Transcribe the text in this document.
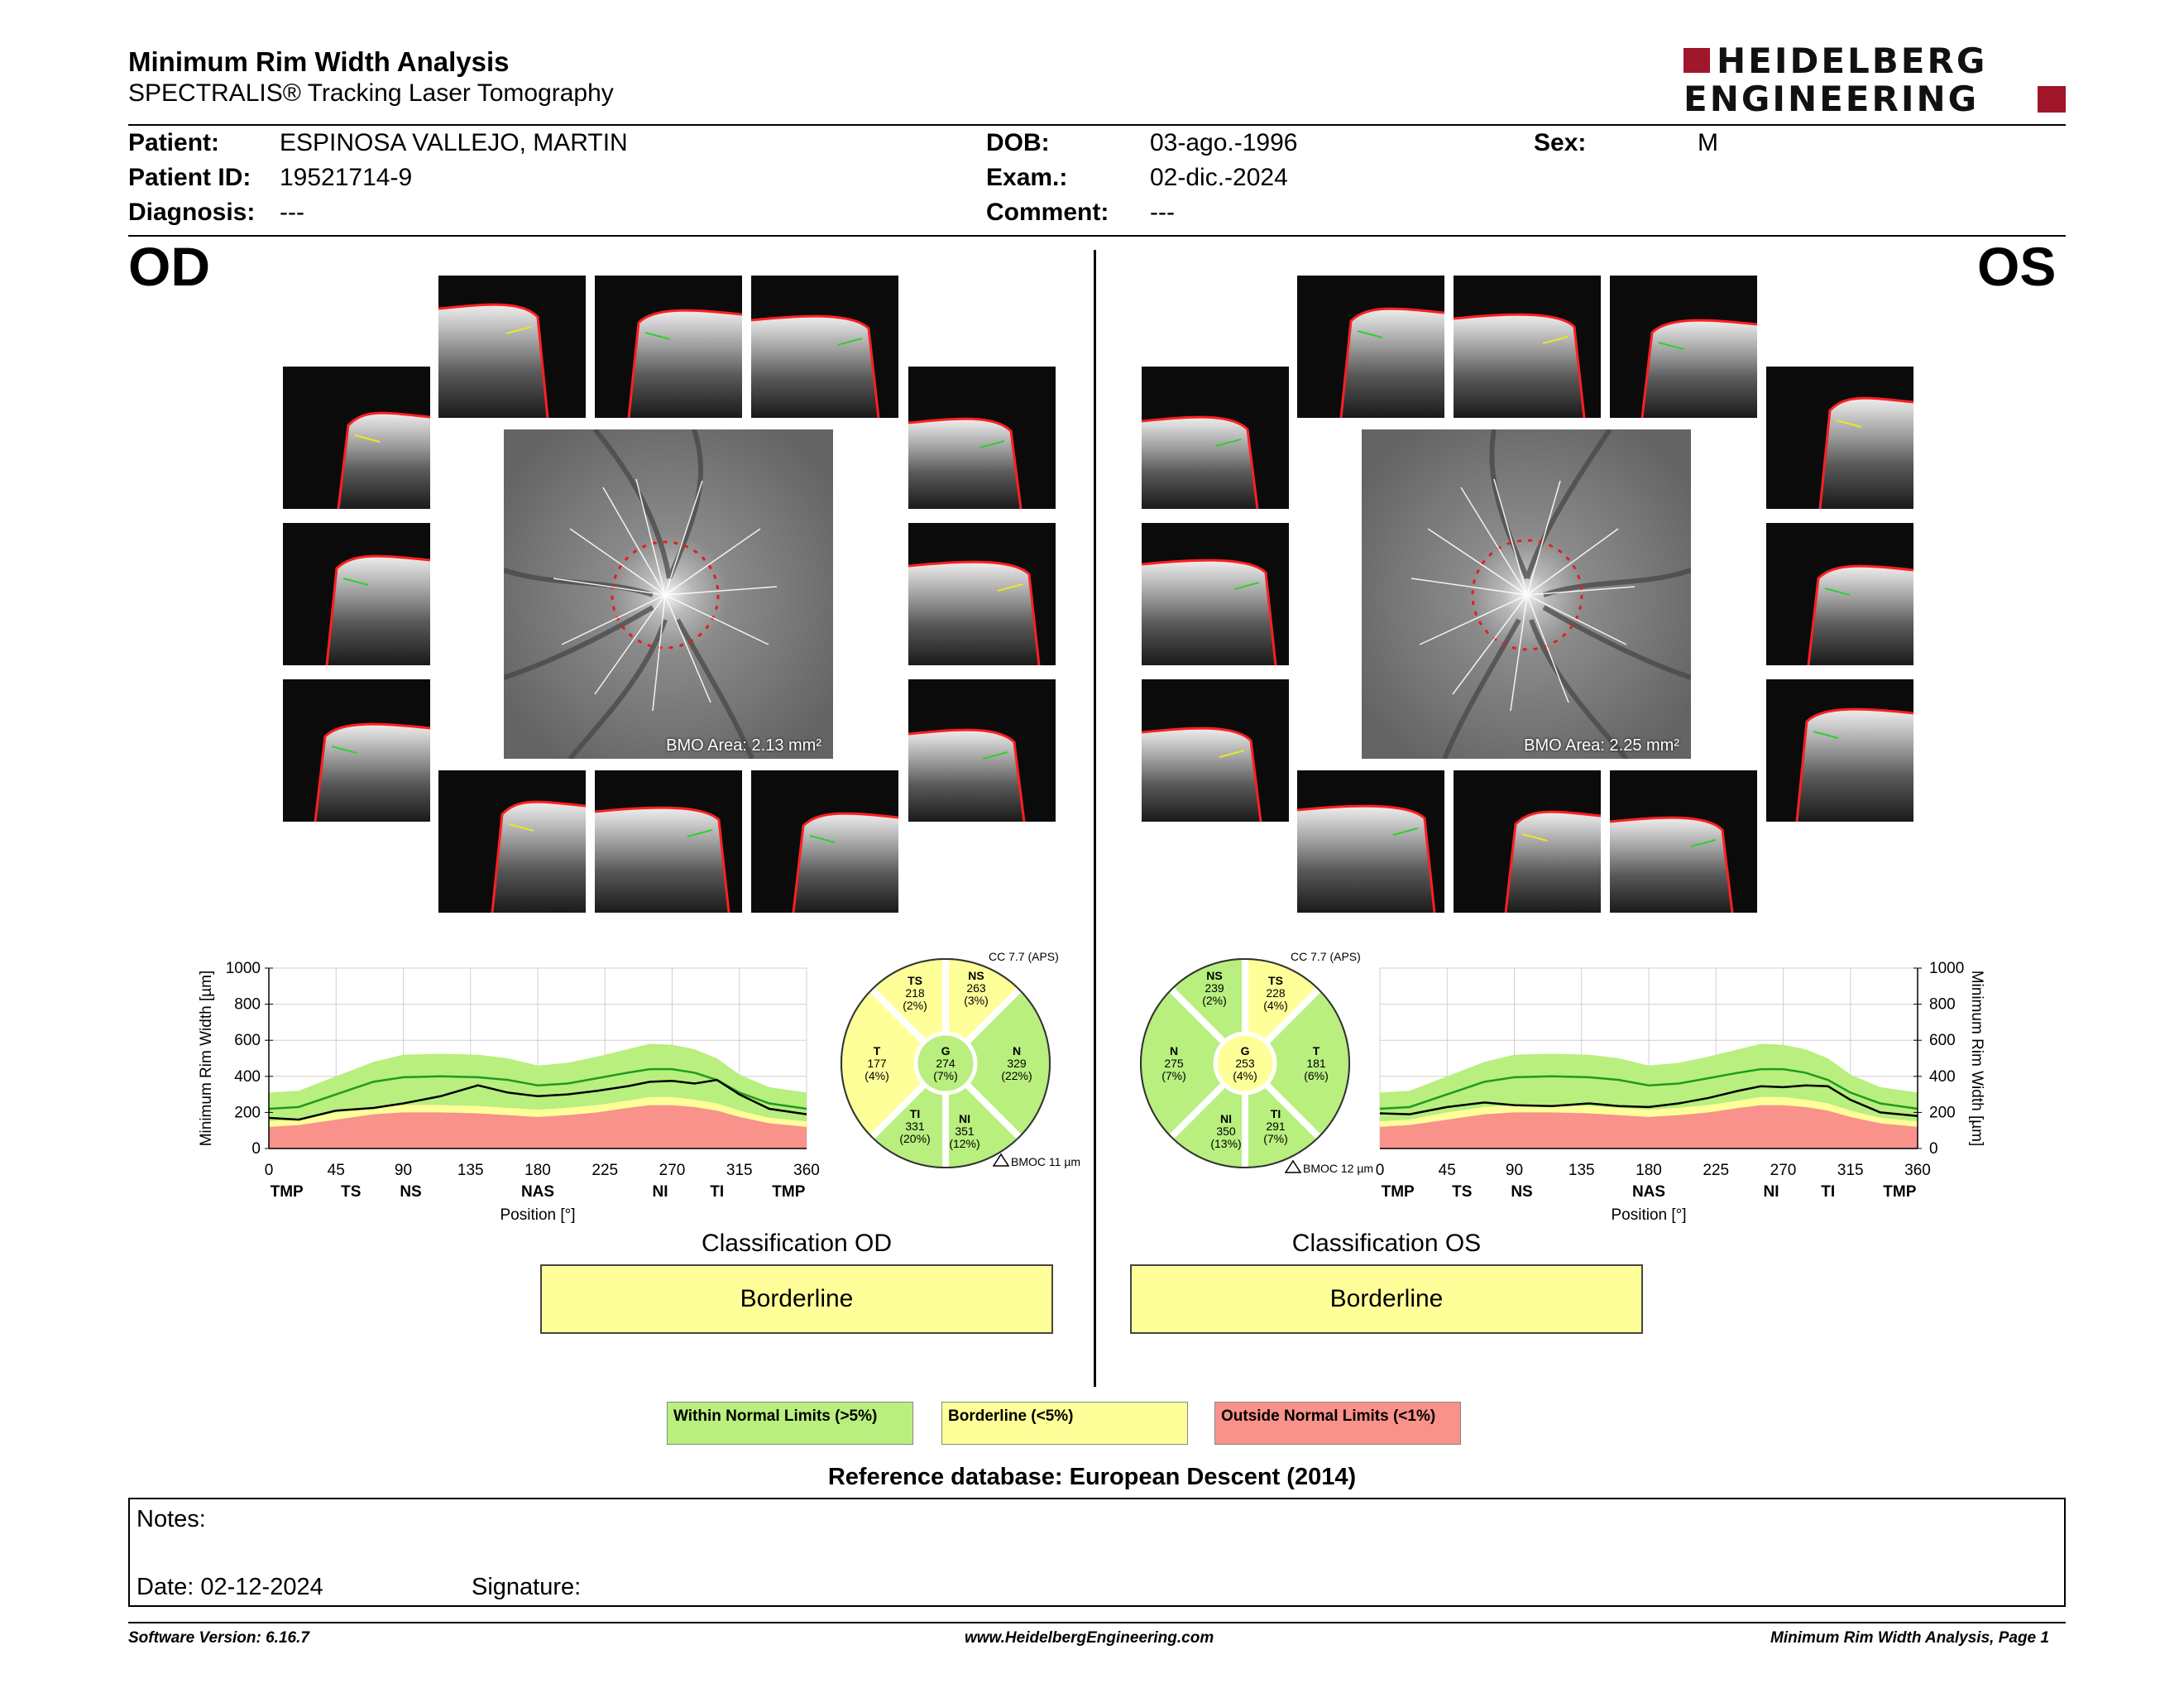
Minimum Rim Width Analysis
SPECTRALIS® Tracking Laser Tomography
HEIDELBERG
ENGINEERING
Patient: ESPINOSA VALLEJO, MARTIN
Patient ID: 19521714-9
Diagnosis: ---
DOB:	03-ago.-1996
Exam.:	02-dic.-2024
Comment: ---
Sex:	M
OD	OS
BMO Area: 2.13 mm²	BMO Area: 2.25 mm²
0
200
400
600
800
1000
0	45	90	135	180	225	270	315	360
TMP TS NS	NAS	NI	TI	TMP
Position [°]
Minimum Rim Width [µm]
CC 7.7 (APS)
TS
218
(2%)
NS
263
(3%)
T
177
(4%)
G
274
(7%)
N
329
(22%)
TI
331
(20%)
NI
351
(12%)
BMOC 11 µm
CC 7.7 (APS)
NS
239
(2%)
TS
228
(4%)
N
275
(7%)
G
253
(4%)
T
181
(6%)
NI
350
(13%)
TI
291
(7%)
BMOC 12 µm
0
200
400
600
800
1000
0	45	90	135	180	225	270	315	360
TMP TS NS	NAS	NI	TI	TMP
Position [°]
Minimum Rim Width [µm]
Classification OD
Borderline
Classification OS
Borderline
Within Normal Limits (>5%)	Borderline (<5%)	Outside Normal Limits (<1%)
Reference database: European Descent (2014)
Notes:
Date: 02-12-2024	Signature:
Software Version: 6.16.7	www.HeidelbergEngineering.com	Minimum Rim Width Analysis, Page 1
